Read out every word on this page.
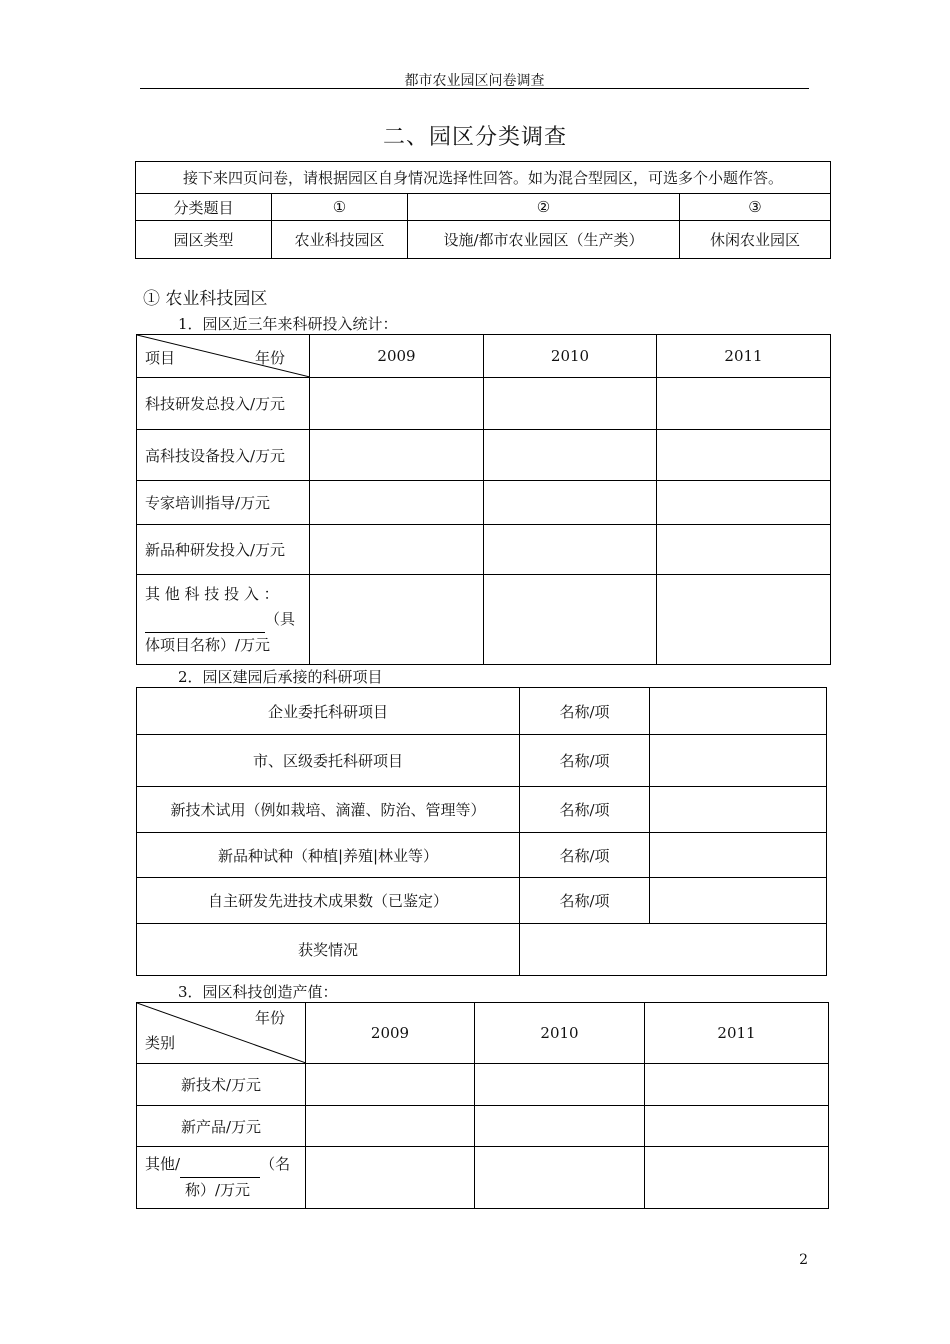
都市农业园区问卷调查
二、园区分类调查
接下来四页问卷，请根据园区自身情况选择性回答。如为混合型园区，可选多个小题作答。			
分类题目	①	②	③
园区类型	农业科技园区	设施/都市农业园区（生产类）	休闲农业园区
① 农业科技园区
1．园区近三年来科研投入统计：
项目 年份	2009	2010	2011
科技研发总投入/万元			
高科技设备投入/万元			
专家培训指导/万元			
新品种研发投入/万元			

其 他 科 技 投 入 ：
（具
体项目名称）/万元			

2．园区建园后承接的科研项目
企业委托科研项目	名称/项	
市、区级委托科研项目	名称/项	
新技术试用（例如栽培、滴灌、防治、管理等）	名称/项	
新品种试种（种植|养殖|林业等）	名称/项	
自主研发先进技术成果数（已鉴定）	名称/项	
获奖情况		
3．园区科技创造产值：
年份
类别	2009	2010	2011
新技术/万元			
新产品/万元			

其他/ （名
称）/万元			

2
